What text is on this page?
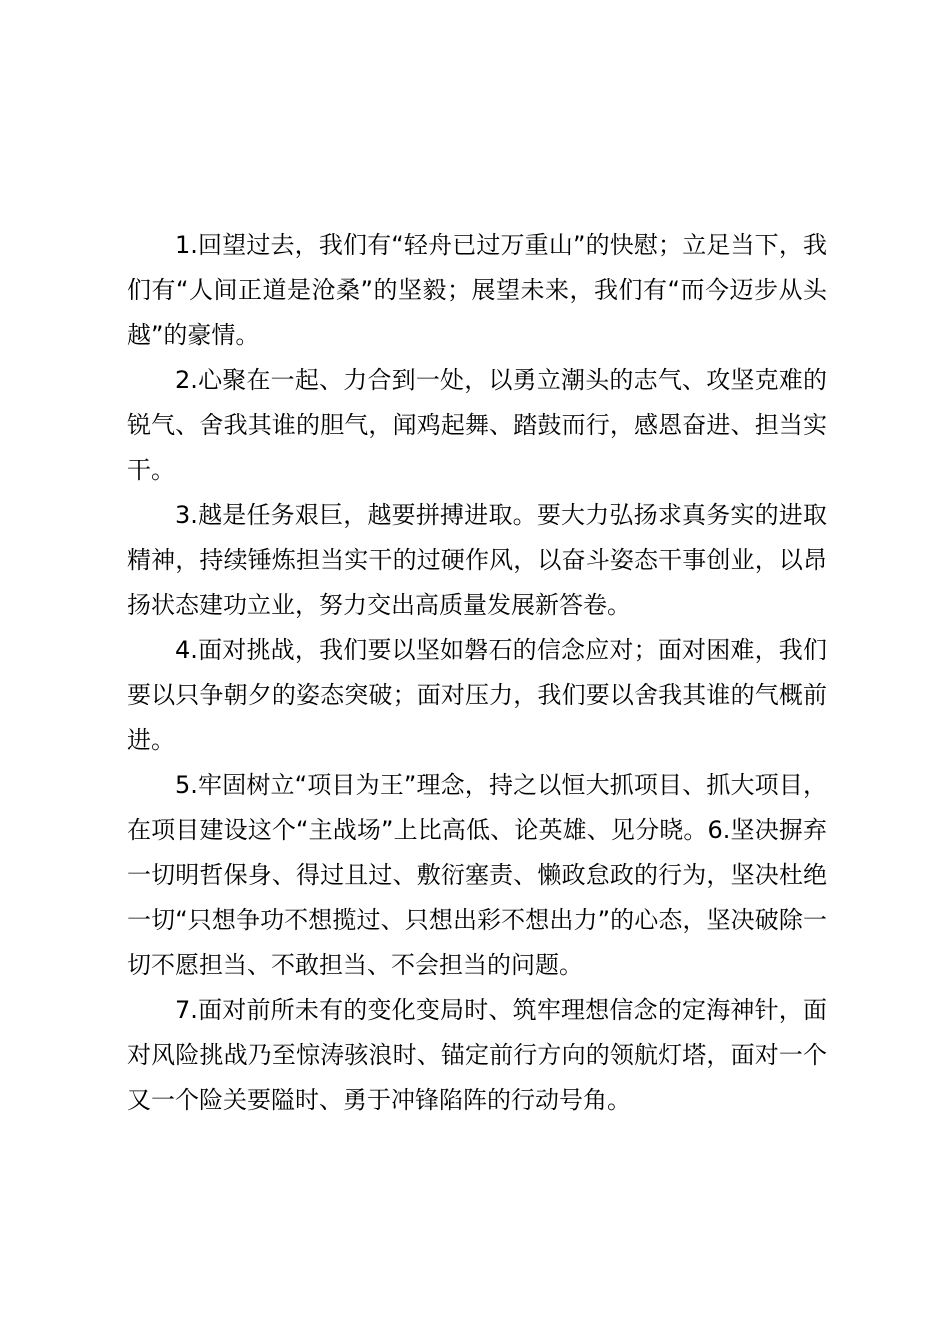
1.回望过去，我们有“轻舟已过万重山”的快慰；立足当下，我们有“人间正道是沧桑”的坚毅；展望未来，我们有“而今迈步从头越”的豪情。

2.心聚在一起、力合到一处，以勇立潮头的志气、攻坚克难的锐气、舍我其谁的胆气，闻鸡起舞、踏鼓而行，感恩奋进、担当实干。

3.越是任务艰巨，越要拼搏进取。要大力弘扬求真务实的进取精神，持续锤炼担当实干的过硬作风，以奋斗姿态干事创业，以昂扬状态建功立业，努力交出高质量发展新答卷。

4.面对挑战，我们要以坚如磐石的信念应对；面对困难，我们要以只争朝夕的姿态突破；面对压力，我们要以舍我其谁的气概前进。

5.牢固树立“项目为王”理念，持之以恒大抓项目、抓大项目，在项目建设这个“主战场”上比高低、论英雄、见分晓。6.坚决摒弃一切明哲保身、得过且过、敷衍塞责、懒政怠政的行为，坚决杜绝一切“只想争功不想揽过、只想出彩不想出力”的心态，坚决破除一切不愿担当、不敢担当、不会担当的问题。

7.面对前所未有的变化变局时、筑牢理想信念的定海神针，面对风险挑战乃至惊涛骇浪时、锚定前行方向的领航灯塔，面对一个又一个险关要隘时、勇于冲锋陷阵的行动号角。
